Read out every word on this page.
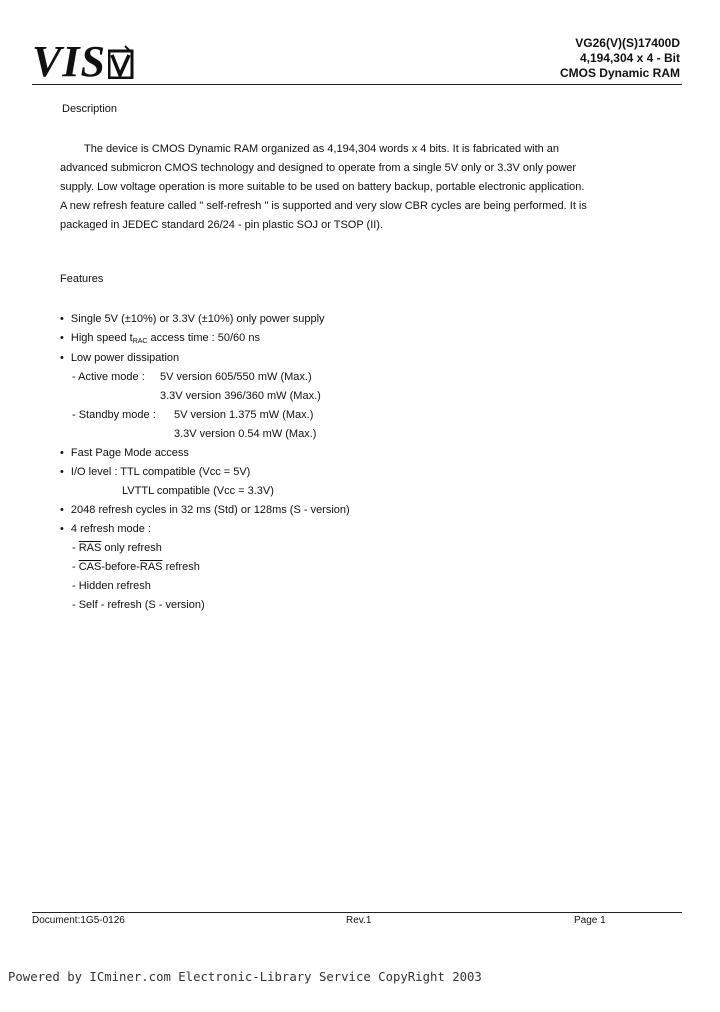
VIS	VG26(V)(S)17400D
4,194,304 x 4 - Bit
CMOS Dynamic RAM
Description
The device is CMOS Dynamic RAM organized as 4,194,304 words x 4 bits. It is fabricated with an
advanced submicron CMOS technology and designed to operate from a single 5V only or 3.3V only power
supply. Low voltage operation is more suitable to be used on battery backup, portable electronic application.
A new refresh feature called " self-refresh " is supported and very slow CBR cycles are being performed. It is
packaged in JEDEC standard 26/24 - pin plastic SOJ or TSOP (II).
Features
• Single 5V (±10%) or 3.3V (±10%) only power supply
• High speed $t_{RAC}$ access time : 50/60 ns
• Low power dissipation
- Active mode : 5V version 605/550 mW (Max.)
3.3V version 396/360 mW (Max.)
- Standby mode : 5V version 1.375 mW (Max.)
3.3V version 0.54 mW (Max.)
• Fast Page Mode access
• I/O level : TTL compatible (Vcc = 5V)
LVTTL compatible (Vcc = 3.3V)
• 2048 refresh cycles in 32 ms (Std) or 128ms (S - version)
• 4 refresh mode :
- $\overline{RAS}$ only refresh
- $\overline{CAS}-before-\overline{RAS}$ refresh
- Hidden refresh
- Self - refresh (S - version)
Document:1G5-0126	Rev.1	Page 1
Powered by ICminer.com Electronic-Library Service CopyRight 2003
